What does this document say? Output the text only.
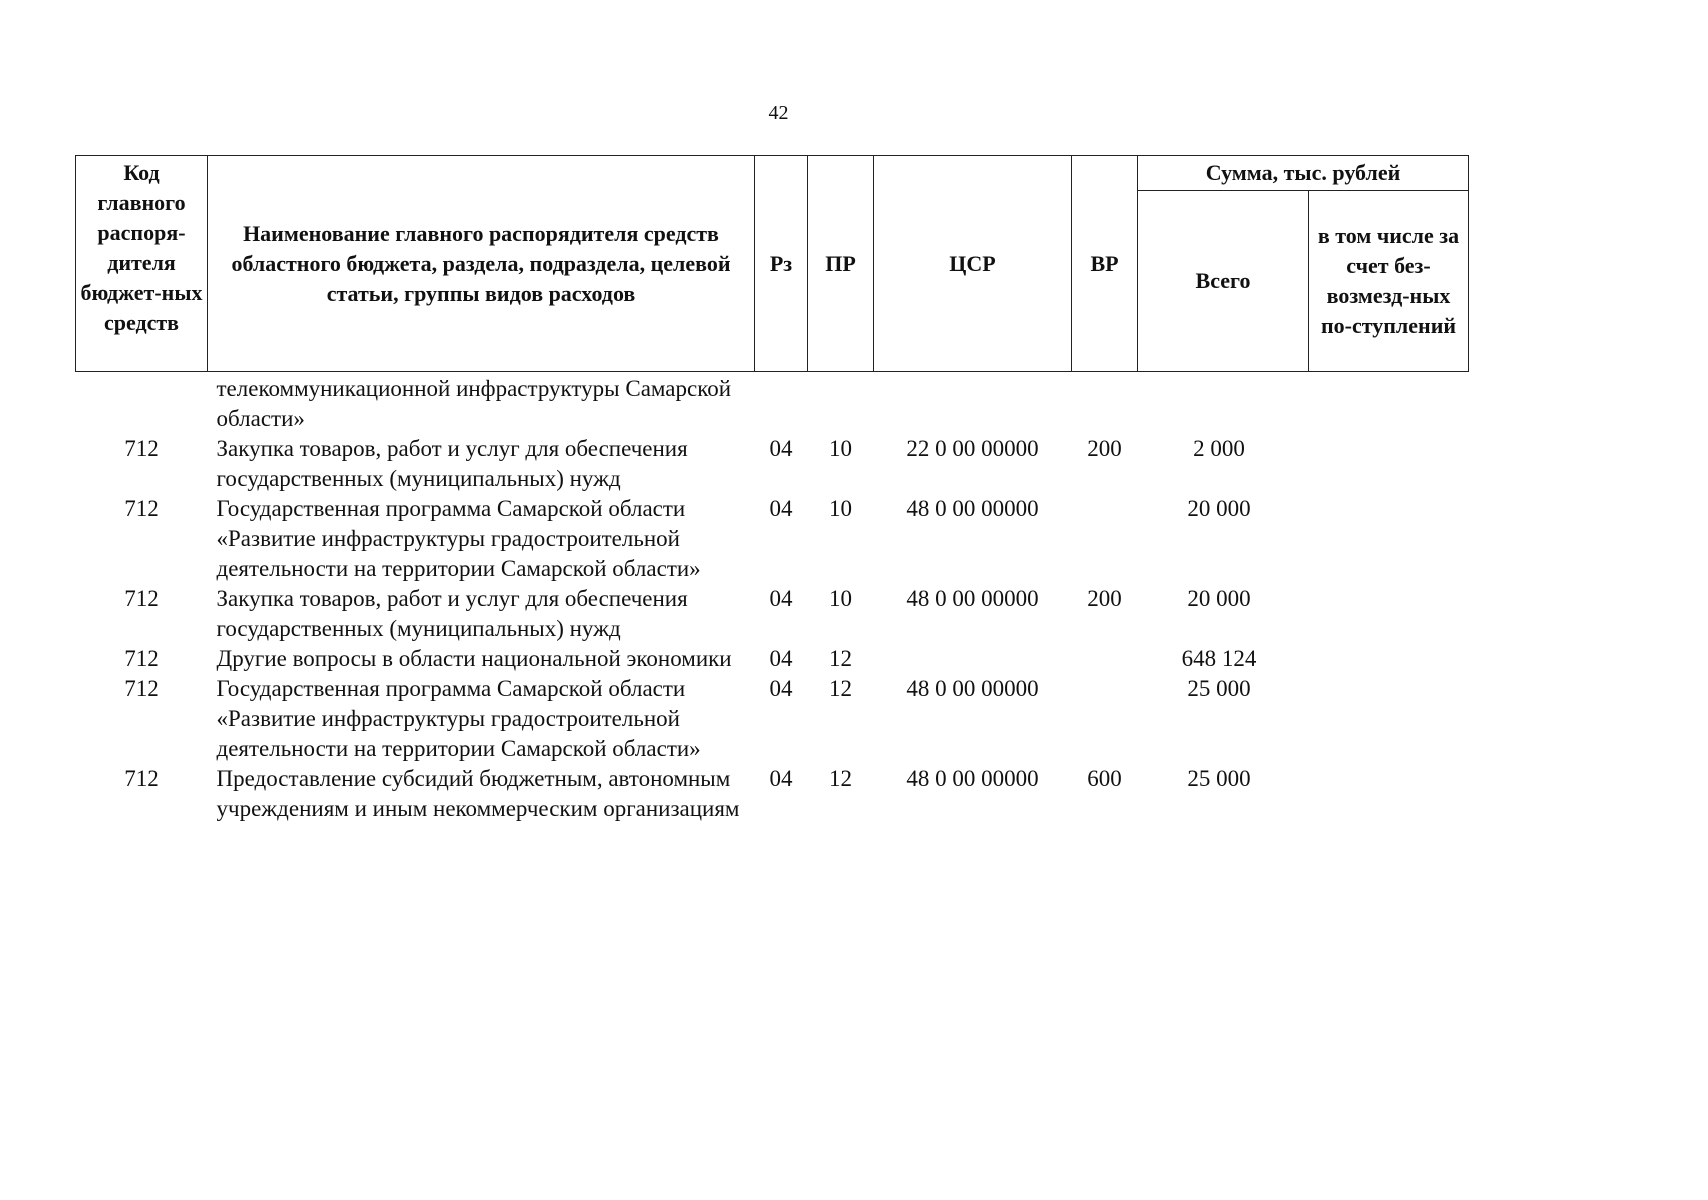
42
Код главного распоря-дителя бюджет-ных средств	Наименование главного распорядителя средств областного бюджета, раздела, подраздела, целевой статьи, группы видов расходов	Рз	ПР	ЦСР	ВР	Сумма, тыс. рублей	
						Всего	в том числе за счет без-возмезд-ных по-ступлений
	телекоммуникационной инфраструктуры Самарской области»						
712	Закупка товаров, работ и услуг для обеспечения государственных (муниципальных) нужд	04	10	22 0 00 00000	200	2 000	
712	Государственная программа Самарской области «Развитие инфраструктуры градостроительной деятельности на территории Самарской области»	04	10	48 0 00 00000		20 000	
712	Закупка товаров, работ и услуг для обеспечения государственных (муниципальных) нужд	04	10	48 0 00 00000	200	20 000	
712	Другие вопросы в области национальной экономики	04	12			648 124	
712	Государственная программа Самарской области «Развитие инфраструктуры градостроительной деятельности на территории Самарской области»	04	12	48 0 00 00000		25 000	
712	Предоставление субсидий бюджетным, автономным учреждениям и иным некоммерческим организациям	04	12	48 0 00 00000	600	25 000	
